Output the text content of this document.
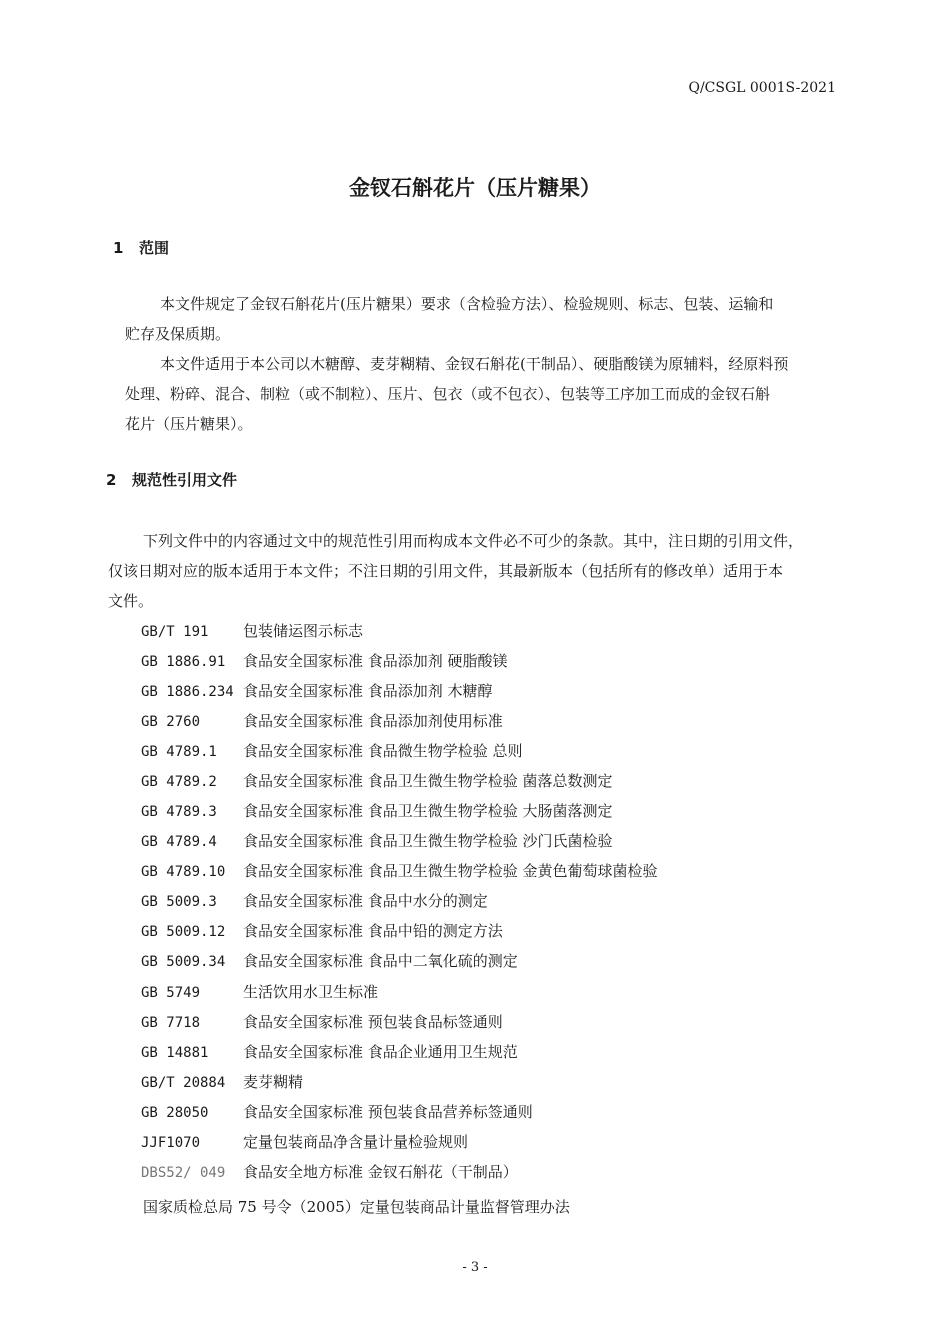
Q/CSGL 0001S-2021
金钗石斛花片（压片糖果）
1 范围
本文件规定了金钗石斛花片(压片糖果）要求（含检验方法）、检验规则、标志、包装、运输和
贮存及保质期。
本文件适用于本公司以木糖醇、麦芽糊精、金钗石斛花(干制品）、硬脂酸镁为原辅料，经原料预
处理、粉碎、混合、制粒（或不制粒）、压片、包衣（或不包衣）、包装等工序加工而成的金钗石斛
花片（压片糖果）。
2 规范性引用文件
下列文件中的内容通过文中的规范性引用而构成本文件必不可少的条款。其中，注日期的引用文件，
仅该日期对应的版本适用于本文件；不注日期的引用文件，其最新版本（包括所有的修改单）适用于本
文件。
GB/T 191 包装储运图示标志
GB 1886.91 食品安全国家标准 食品添加剂 硬脂酸镁
GB 1886.234 食品安全国家标准 食品添加剂 木糖醇
GB 2760	食品安全国家标准 食品添加剂使用标准
GB 4789.1 食品安全国家标准 食品微生物学检验 总则
GB 4789.2 食品安全国家标准 食品卫生微生物学检验 菌落总数测定
GB 4789.3 食品安全国家标准 食品卫生微生物学检验 大肠菌落测定
GB 4789.4 食品安全国家标准 食品卫生微生物学检验 沙门氏菌检验
GB 4789.10 食品安全国家标准 食品卫生微生物学检验 金黄色葡萄球菌检验
GB 5009.3 食品安全国家标准 食品中水分的测定
GB 5009.12 食品安全国家标准 食品中铅的测定方法
GB 5009.34 食品安全国家标准 食品中二氧化硫的测定
GB 5749	生活饮用水卫生标准
GB 7718	食品安全国家标准 预包装食品标签通则
GB 14881 食品安全国家标准 食品企业通用卫生规范
GB/T 20884 麦芽糊精
GB 28050 食品安全国家标准 预包装食品营养标签通则
JJF1070	定量包装商品净含量计量检验规则
DBS52/ 049 食品安全地方标准 金钗石斛花（干制品）
国家质检总局 75 号令（2005）定量包装商品计量监督管理办法
- 3 -
